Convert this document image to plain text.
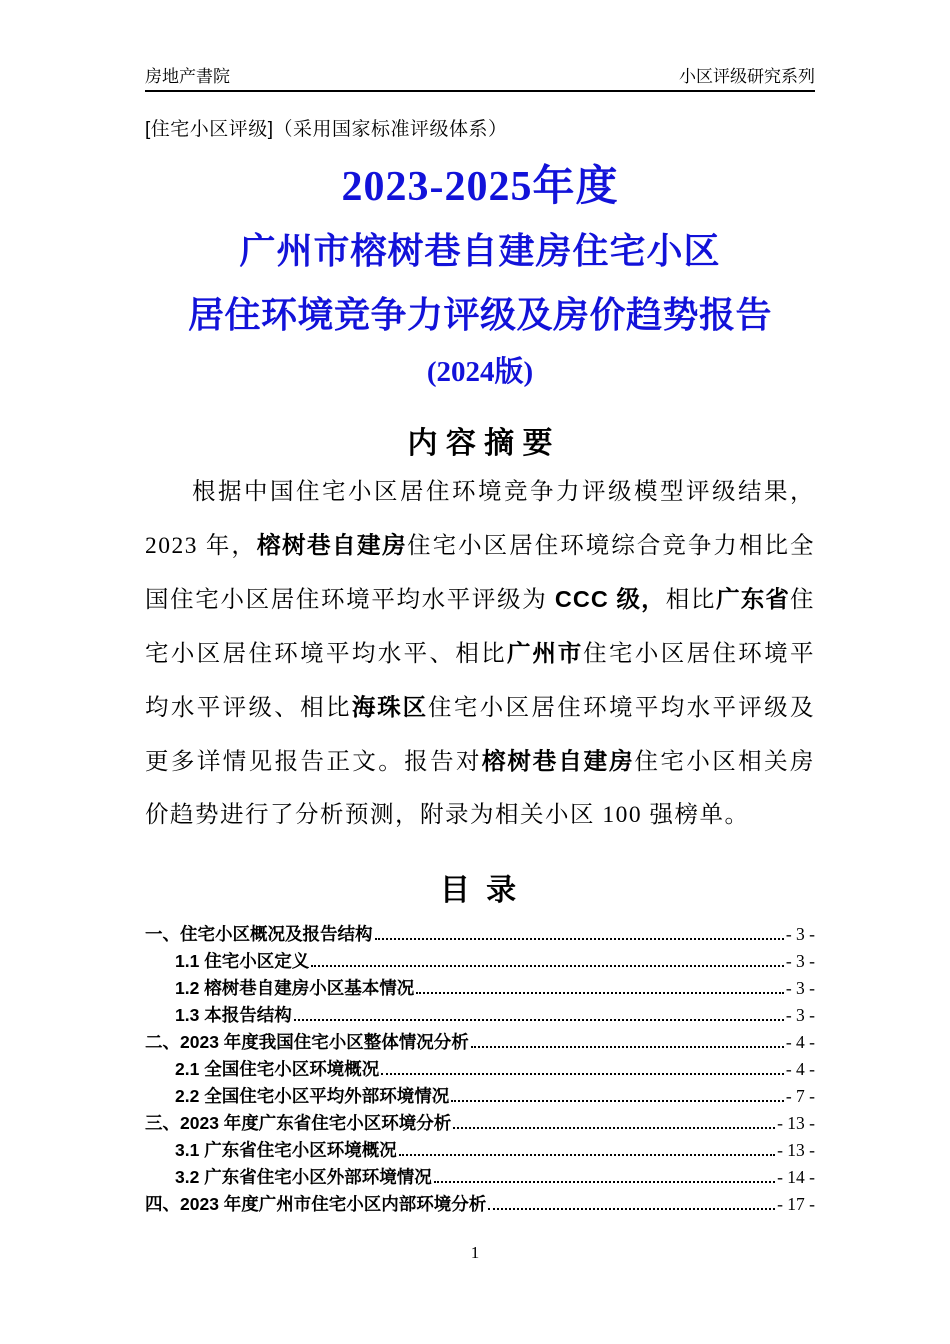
房地产書院	小区评级研究系列
[住宅小区评级]（采用国家标准评级体系）
2023-2025年度
广州市榕树巷自建房住宅小区
居住环境竞争力评级及房价趋势报告
(2024版)
内 容 摘 要

根据中国住宅小区居住环境竞争力评级模型评级结果，2023 年，榕树巷自建房住宅小区居住环境综合竞争力相比全国住宅小区居住环境平均水平评级为 CCC 级，相比广东省住宅小区居住环境平均水平、相比广州市住宅小区居住环境平均水平评级、相比海珠区住宅小区居住环境平均水平评级及更多详情见报告正文。报告对榕树巷自建房住宅小区相关房价趋势进行了分析预测，附录为相关小区 100 强榜单。

目 录
一、住宅小区概况及报告结构	- 3 -
1.1 住宅小区定义	- 3 -
1.2 榕树巷自建房小区基本情况	- 3 -
1.3 本报告结构	- 3 -
二、2023 年度我国住宅小区整体情况分析	- 4 -
2.1 全国住宅小区环境概况	- 4 -
2.2 全国住宅小区平均外部环境情况	- 7 -
三、2023 年度广东省住宅小区环境分析	- 13 -
3.1 广东省住宅小区环境概况	- 13 -
3.2 广东省住宅小区外部环境情况	- 14 -
四、2023 年度广州市住宅小区内部环境分析	- 17 -
1
